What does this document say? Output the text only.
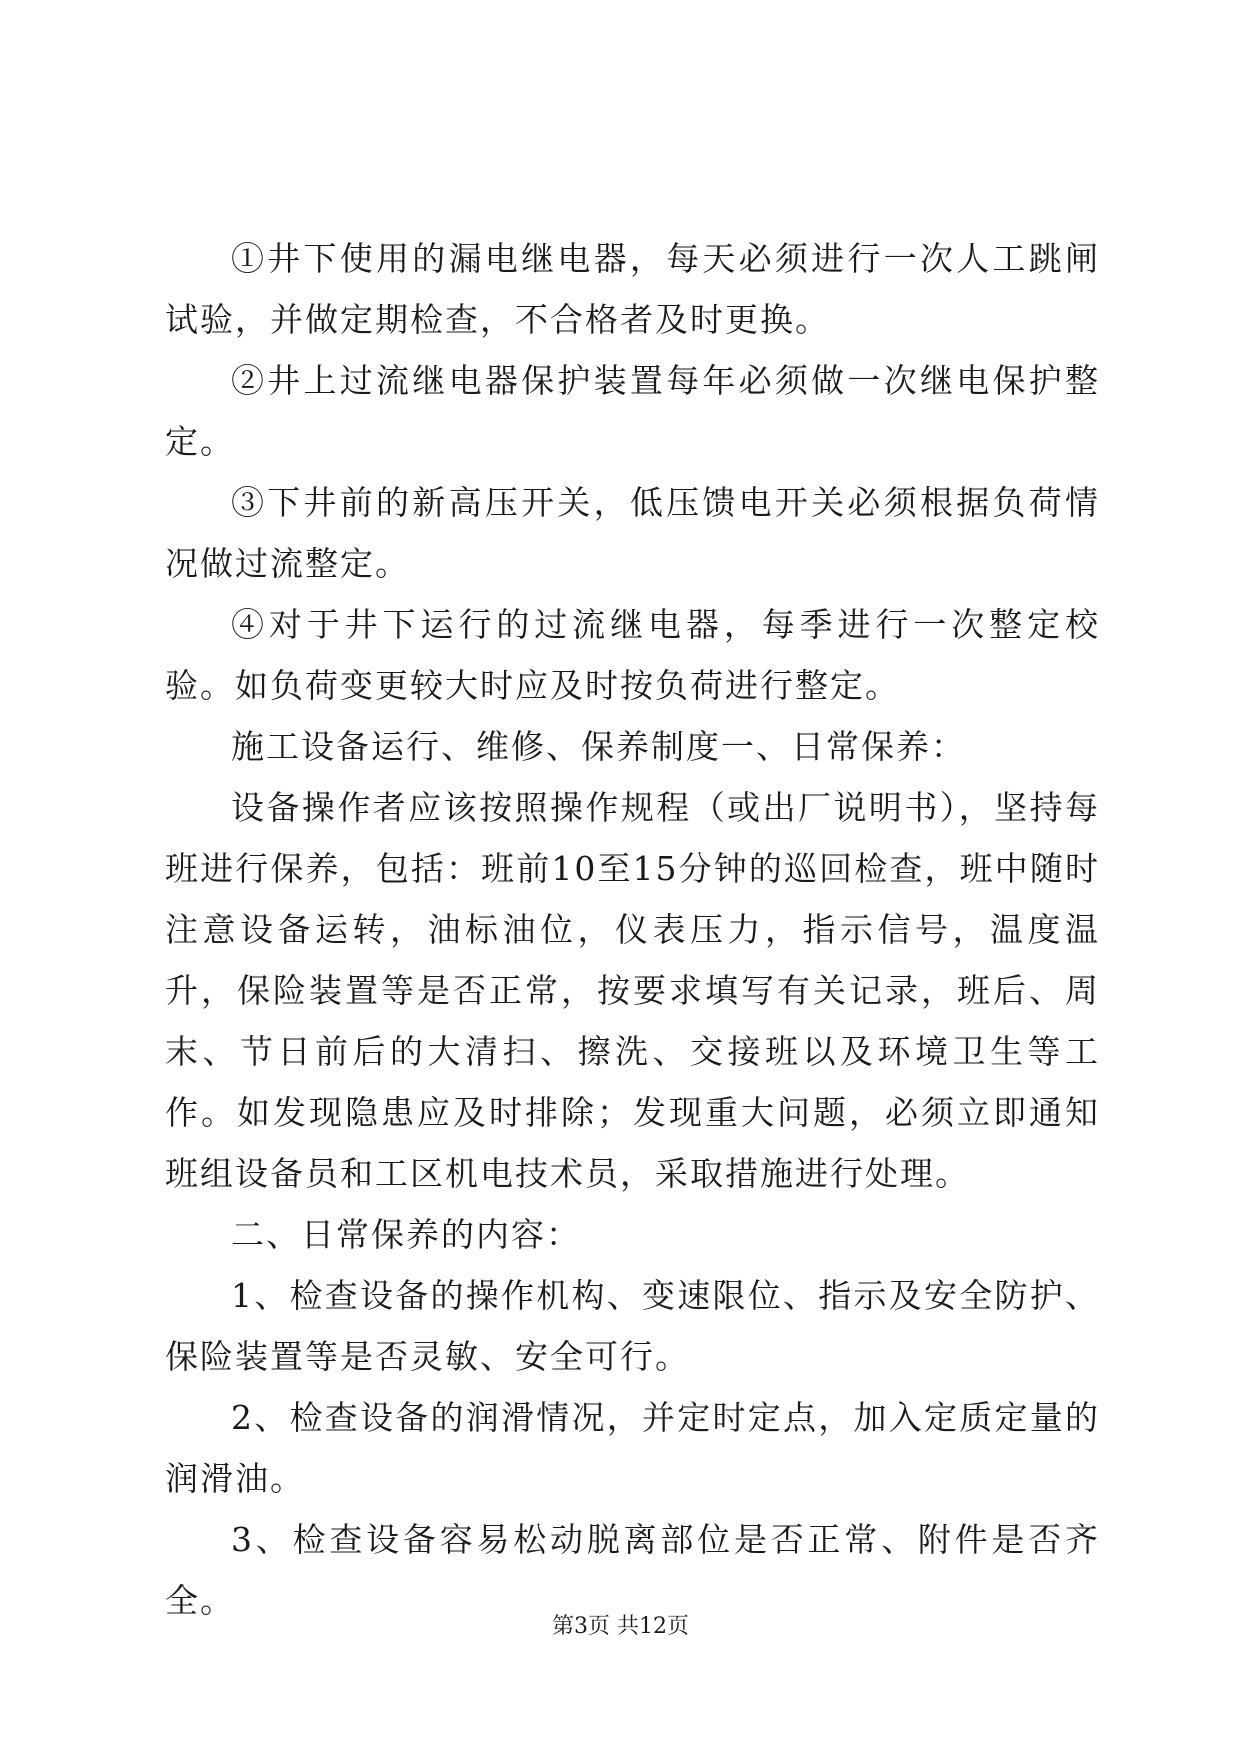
①井下使用的漏电继电器，每天必须进行一次人工跳闸试验，并做定期检查，不合格者及时更换。

②井上过流继电器保护装置每年必须做一次继电保护整定。

③下井前的新高压开关，低压馈电开关必须根据负荷情况做过流整定。

④对于井下运行的过流继电器，每季进行一次整定校验。如负荷变更较大时应及时按负荷进行整定。

施工设备运行、维修、保养制度一、日常保养：

设备操作者应该按照操作规程（或出厂说明书），坚持每班进行保养，包括：班前10至15分钟的巡回检查，班中随时注意设备运转，油标油位，仪表压力，指示信号，温度温升，保险装置等是否正常，按要求填写有关记录，班后、周末、节日前后的大清扫、擦洗、交接班以及环境卫生等工作。如发现隐患应及时排除；发现重大问题，必须立即通知班组设备员和工区机电技术员，采取措施进行处理。

二、日常保养的内容：

1、检查设备的操作机构、变速限位、指示及安全防护、保险装置等是否灵敏、安全可行。

2、检查设备的润滑情况，并定时定点，加入定质定量的润滑油。

3、检查设备容易松动脱离部位是否正常、附件是否齐全。

第3页 共12页
